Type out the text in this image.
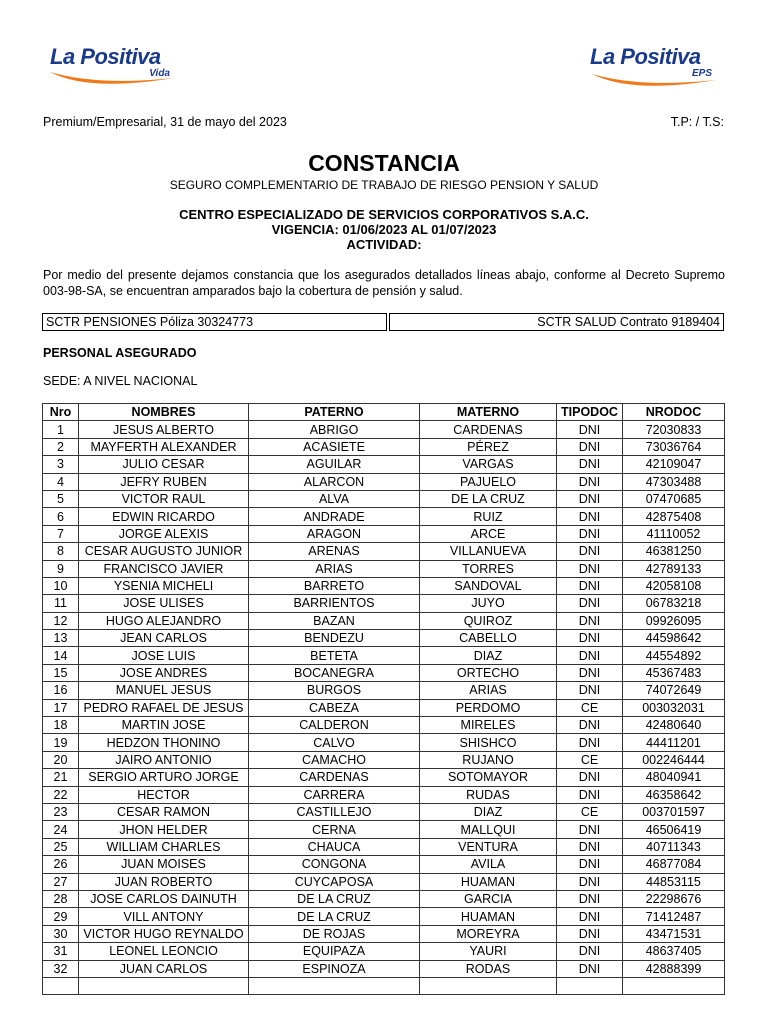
La Positiva
Vida
La Positiva
EPS
Premium/Empresarial, 31 de mayo del 2023	T.P: / T.S:
CONSTANCIA
SEGURO COMPLEMENTARIO DE TRABAJO DE RIESGO PENSION Y SALUD
CENTRO ESPECIALIZADO DE SERVICIOS CORPORATIVOS S.A.C.
VIGENCIA: 01/06/2023 AL 01/07/2023
ACTIVIDAD:
Por medio del presente dejamos constancia que los asegurados detallados líneas abajo, conforme al Decreto Supremo 003-98-SA, se encuentran amparados bajo la cobertura de pensión y salud.
SCTR PENSIONES Póliza 30324773	SCTR SALUD Contrato 9189404
PERSONAL ASEGURADO
SEDE: A NIVEL NACIONAL
Nro	NOMBRES	PATERNO	MATERNO	TIPODOC	NRODOC
1	JESUS ALBERTO	ABRIGO	CARDENAS	DNI	72030833
2	MAYFERTH ALEXANDER	ACASIETE	PÉREZ	DNI	73036764
3	JULIO CESAR	AGUILAR	VARGAS	DNI	42109047
4	JEFRY RUBEN	ALARCON	PAJUELO	DNI	47303488
5	VICTOR RAUL	ALVA	DE LA CRUZ	DNI	07470685
6	EDWIN RICARDO	ANDRADE	RUIZ	DNI	42875408
7	JORGE ALEXIS	ARAGON	ARCE	DNI	41110052
8	CESAR AUGUSTO JUNIOR	ARENAS	VILLANUEVA	DNI	46381250
9	FRANCISCO JAVIER	ARIAS	TORRES	DNI	42789133
10	YSENIA MICHELI	BARRETO	SANDOVAL	DNI	42058108
11	JOSE ULISES	BARRIENTOS	JUYO	DNI	06783218
12	HUGO ALEJANDRO	BAZAN	QUIROZ	DNI	09926095
13	JEAN CARLOS	BENDEZU	CABELLO	DNI	44598642
14	JOSE LUIS	BETETA	DIAZ	DNI	44554892
15	JOSE ANDRES	BOCANEGRA	ORTECHO	DNI	45367483
16	MANUEL JESUS	BURGOS	ARIAS	DNI	74072649
17	PEDRO RAFAEL DE JESUS	CABEZA	PERDOMO	CE	003032031
18	MARTIN JOSE	CALDERON	MIRELES	DNI	42480640
19	HEDZON THONINO	CALVO	SHISHCO	DNI	44411201
20	JAIRO ANTONIO	CAMACHO	RUJANO	CE	002246444
21	SERGIO ARTURO JORGE	CARDENAS	SOTOMAYOR	DNI	48040941
22	HECTOR	CARRERA	RUDAS	DNI	46358642
23	CESAR RAMON	CASTILLEJO	DIAZ	CE	003701597
24	JHON HELDER	CERNA	MALLQUI	DNI	46506419
25	WILLIAM CHARLES	CHAUCA	VENTURA	DNI	40711343
26	JUAN MOISES	CONGONA	AVILA	DNI	46877084
27	JUAN ROBERTO	CUYCAPOSA	HUAMAN	DNI	44853115
28	JOSE CARLOS DAINUTH	DE LA CRUZ	GARCIA	DNI	22298676
29	VILL ANTONY	DE LA CRUZ	HUAMAN	DNI	71412487
30	VICTOR HUGO REYNALDO	DE ROJAS	MOREYRA	DNI	43471531
31	LEONEL LEONCIO	EQUIPAZA	YAURI	DNI	48637405
32	JUAN CARLOS	ESPINOZA	RODAS	DNI	42888399
